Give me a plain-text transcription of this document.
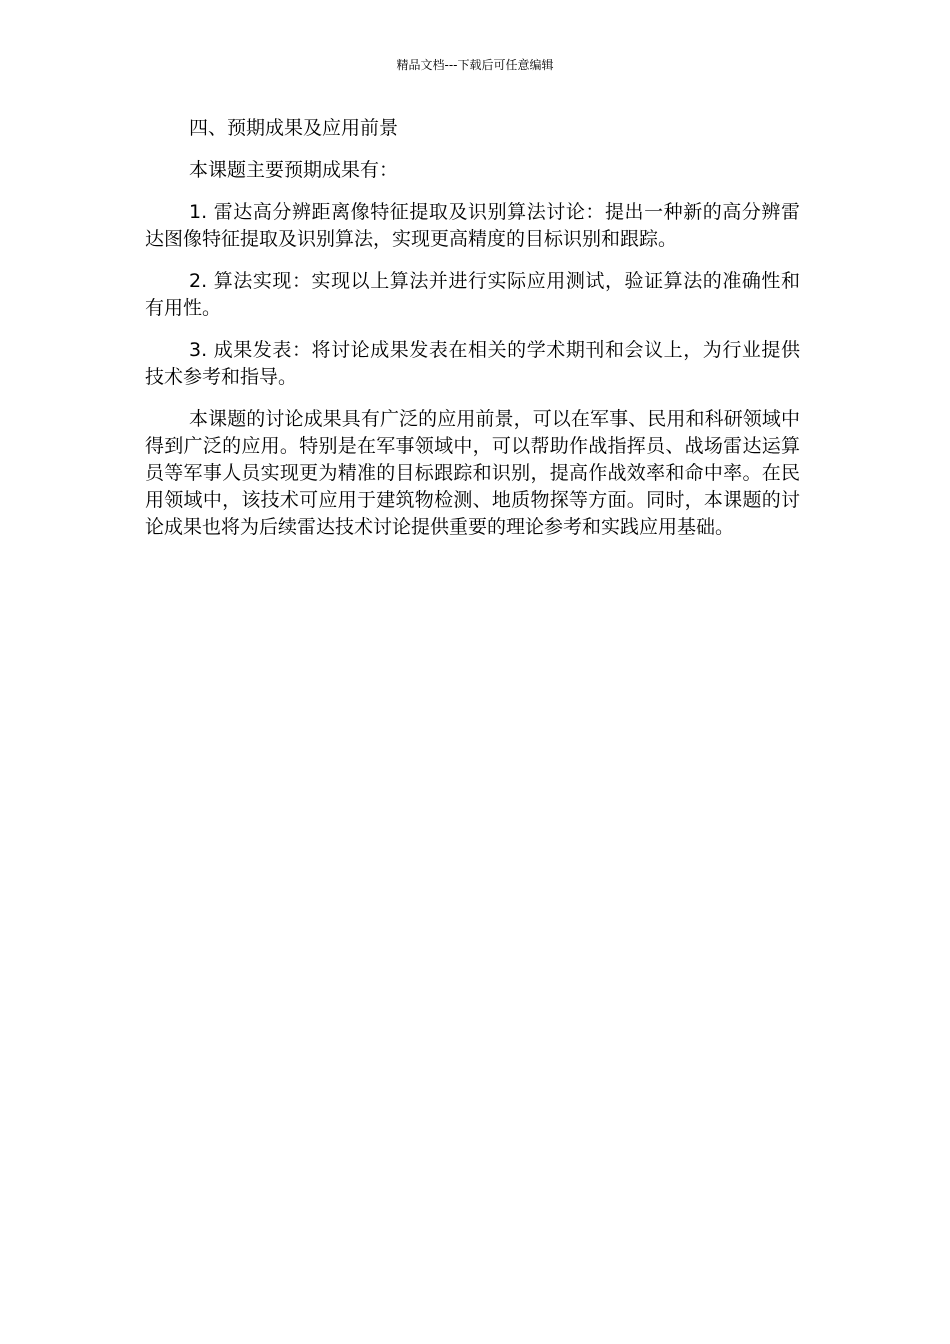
精品文档---下载后可任意编辑
四、预期成果及应用前景

本课题主要预期成果有：

1. 雷达高分辨距离像特征提取及识别算法讨论：提出一种新的高分辨雷达图像特征提取及识别算法，实现更高精度的目标识别和跟踪。

2. 算法实现：实现以上算法并进行实际应用测试，验证算法的准确性和有用性。

3. 成果发表：将讨论成果发表在相关的学术期刊和会议上，为行业提供技术参考和指导。

本课题的讨论成果具有广泛的应用前景，可以在军事、民用和科研领域中得到广泛的应用。特别是在军事领域中，可以帮助作战指挥员、战场雷达运算员等军事人员实现更为精准的目标跟踪和识别，提高作战效率和命中率。在民用领域中，该技术可应用于建筑物检测、地质物探等方面。同时，本课题的讨论成果也将为后续雷达技术讨论提供重要的理论参考和实践应用基础。
